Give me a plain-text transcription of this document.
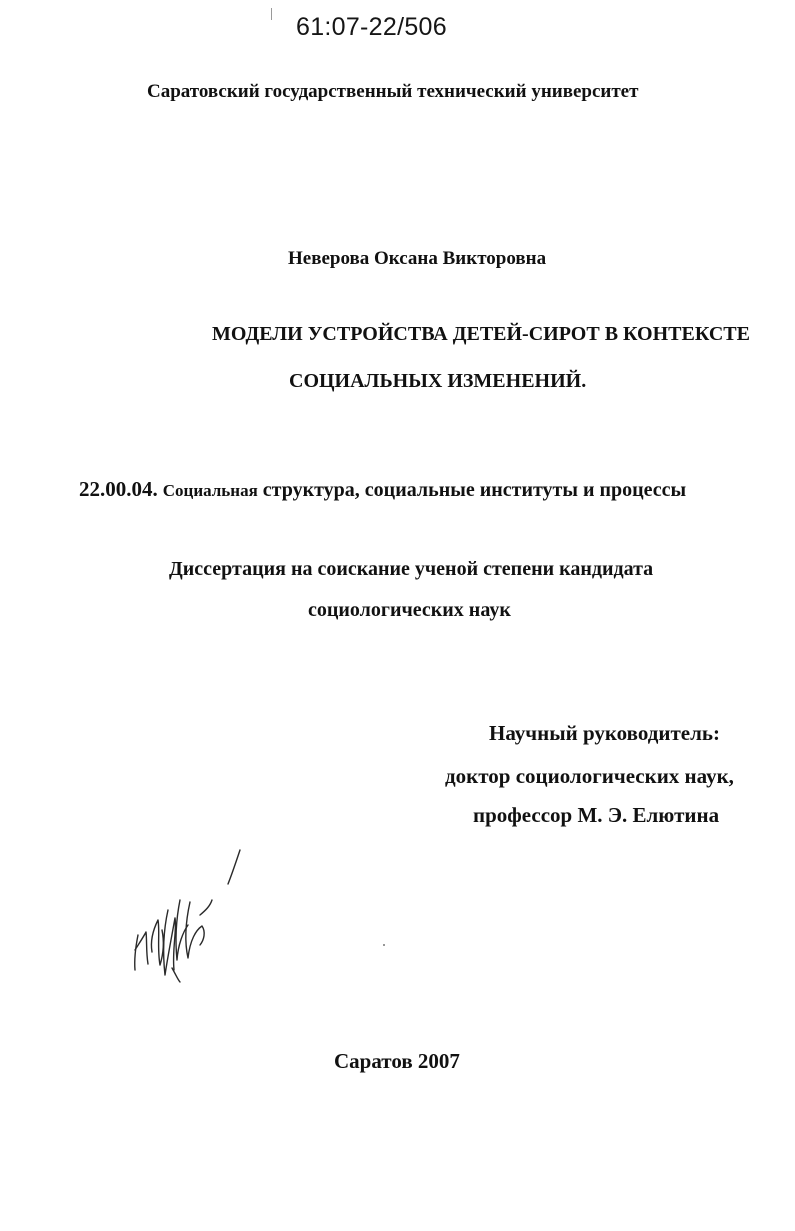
61:07-22/506
Саратовский государственный технический университет
Неверова Оксана Викторовна
МОДЕЛИ УСТРОЙСТВА ДЕТЕЙ-СИРОТ В КОНТЕКСТЕ
СОЦИАЛЬНЫХ ИЗМЕНЕНИЙ.
22.00.04. Социальная структура, социальные институты и процессы
Диссертация на соискание ученой степени кандидата
социологических наук
Научный руководитель:
доктор социологических наук,
профессор М. Э. Елютина
Саратов 2007
